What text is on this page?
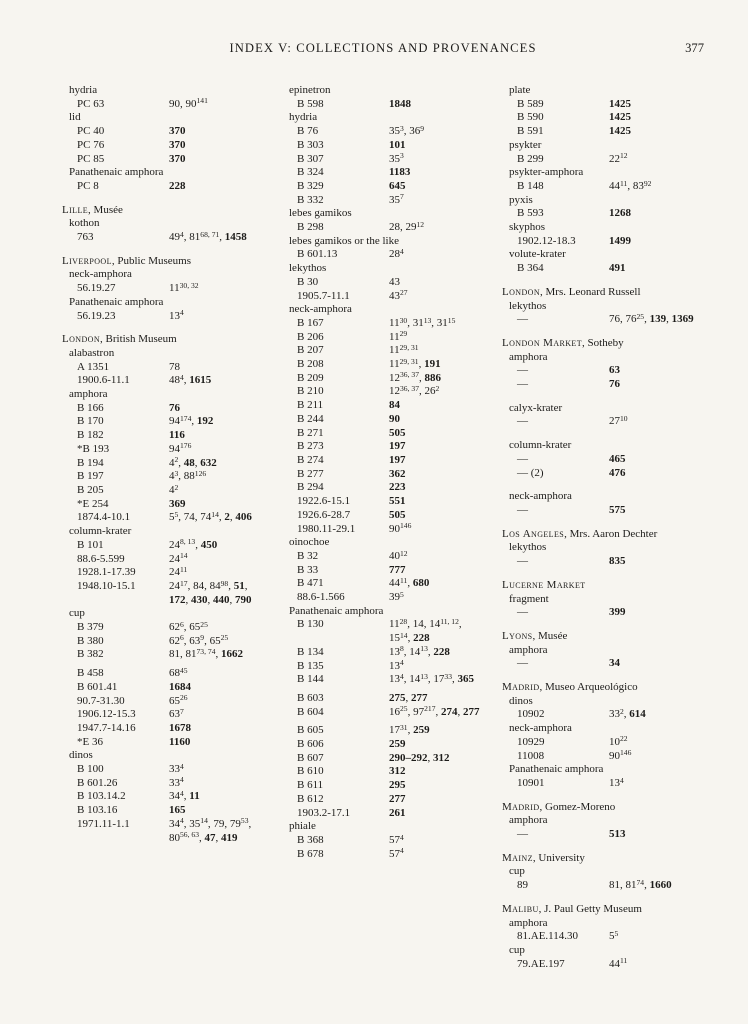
INDEX V: COLLECTIONS AND PROVENANCES	377
hydria
PC 63	90, $90^{141}$
lid
PC 40	370
PC 76	370
PC 85	370
Panathenaic amphora
PC 8	228
Lille, Musée
kothon
763	$49^4$, 81$^{68, 71}$, 1458
Liverpool, Public Museums
neck-amphora
56.19.27	11$^{30, 32}$
Panathenaic amphora
56.19.23	$13^4$
London, British Museum
alabastron
A 1351	78
1900.6-11.1	$48^4$, 1615
amphora
B 166	76
B 170	$94^{174}$, 192
B 182	116
*B 193	$94^{176}$
B 194	$4^2$, 48, 632
B 197	$4^3$, $88^{126}$
B 205	$4^2$
*E 254	369
1874.4-10.1	$5^5$, 74, $74^{14}$, 2, 406
column-krater
B 101	24$^{8, 13}$, 450
88.6-5.599	$24^{14}$
1928.1-17.39	$24^{11}$
1948.10-15.1	$24^{17}$, 84, $84^{98}$, 51, 172, 430, 440, 790
cup
B 379	$62^6$, $65^{25}$
B 380	$62^6$, $63^9$, $65^{25}$
B 382	81, 81$^{73, 74}$, 1662
B 458	$68^{45}$
B 601.41	1684
90.7-31.30	$65^{26}$
1906.12-15.3	$63^7$
1947.7-14.16	1678
*E 36	1160
dinos
B 100	$33^4$
B 601.26	$33^4$
B 103.14.2	$34^4$, 11
B 103.16	165
1971.11-1.1	$34^4$, $35^{14}$, 79, $79^{53}$, 80$^{56, 63}$, 47, 419
epinetron
B 598	1848
hydria
B 76	$35^3$, $36^9$
B 303	101
B 307	$35^3$
B 324	1183
B 329	645
B 332	$35^7$
lebes gamikos
B 298	28, $29^{12}$
lebes gamikos or the like
B 601.13	$28^4$
lekythos
B 30	43
1905.7-11.1	$43^{27}$
neck-amphora
B 167	$11^{30}$, $31^{13}$, $31^{15}$
B 206	$11^{29}$
B 207	11$^{29, 31}$
B 208	11$^{29, 31}$, 191
B 209	12$^{36, 37}$, 886
B 210	12$^{36, 37}$, $26^2$
B 211	84
B 244	90
B 271	505
B 273	197
B 274	197
B 277	362
B 294	223
1922.6-15.1	551
1926.6-28.7	505
1980.11-29.1	$90^{146}$
oinochoe
B 32	$40^{12}$
B 33	777
B 471	$44^{11}$, 680
88.6-1.566	$39^5$
Panathenaic amphora
B 130	$11^{28}$, 14, 14$^{11, 12}$, $15^{14}$, 228
B 134	$13^8$, $14^{13}$, 228
B 135	$13^4$
B 144	$13^4$, $14^{13}$, $17^{33}$, 365
B 603	275, 277
B 604	$16^{25}$, $97^{217}$, 274, 277
B 605	$17^{31}$, 259
B 606	259
B 607	290–292, 312
B 610	312
B 611	295
B 612	277
1903.2-17.1	261
phiale
B 368	$57^4$
B 678	$57^4$
plate
B 589	1425
B 590	1425
B 591	1425
psykter
B 299	$22^{12}$
psykter-amphora
B 148	$44^{11}$, $83^{92}$
pyxis
B 593	1268
skyphos
1902.12-18.3	1499
volute-krater
B 364	491
London, Mrs. Leonard Russell
lekythos
—	76, $76^{25}$, 139, 1369
London Market, Sotheby
amphora
—	63
—	76
calyx-krater
—	$27^{10}$
column-krater
—	465
— (2)	476
neck-amphora
—	575
Los Angeles, Mrs. Aaron Dechter
lekythos
—	835
Lucerne Market
fragment
—	399
Lyons, Musée
amphora
—	34
Madrid, Museo Arqueológico
dinos
10902	$33^2$, 614
neck-amphora
10929	$10^{22}$
11008	$90^{146}$
Panathenaic amphora
10901	$13^4$
Madrid, Gomez-Moreno
amphora
—	513
Mainz, University
cup
89	81, $81^{74}$, 1660
Malibu, J. Paul Getty Museum
amphora
81.AE.114.30	$5^5$
cup
79.AE.197	$44^{11}$
